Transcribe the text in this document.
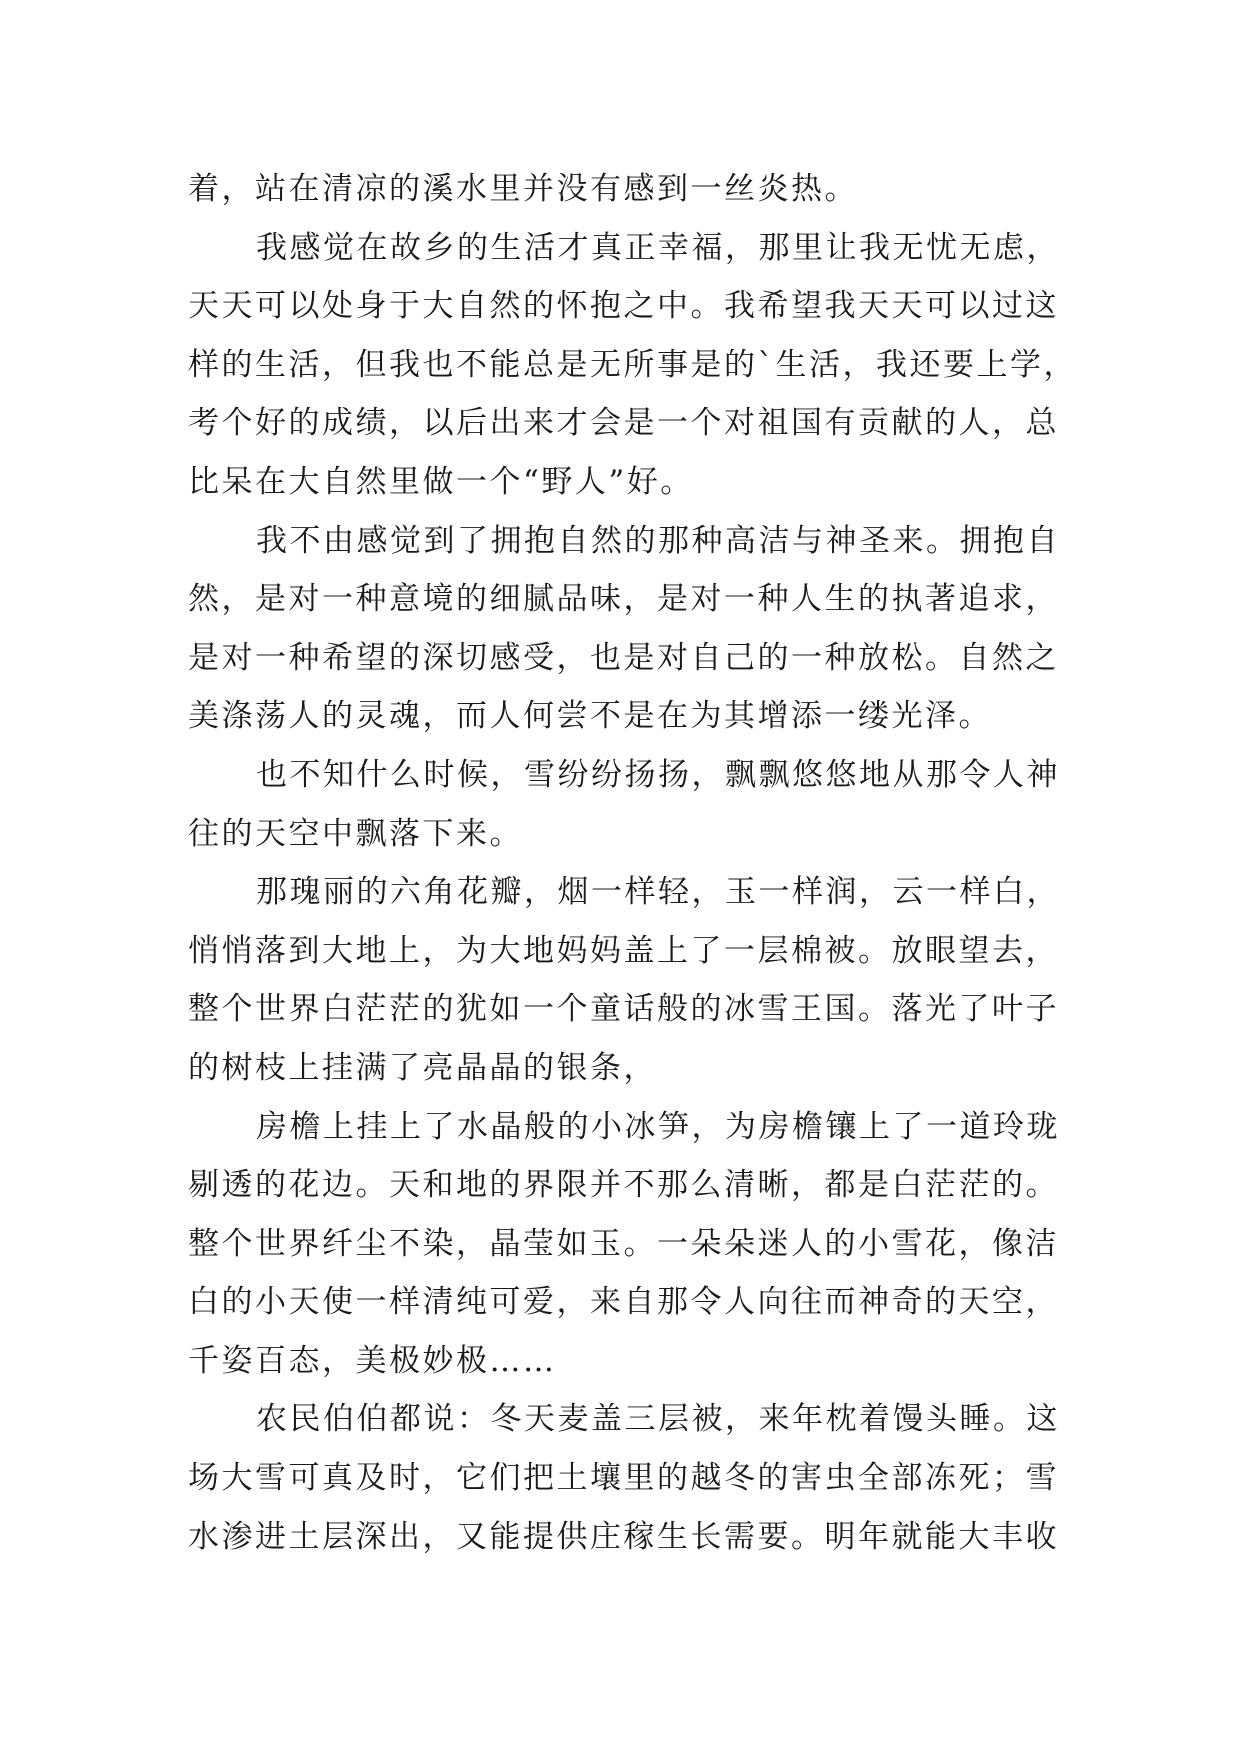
着，站在清凉的溪水里并没有感到一丝炎热。
我感觉在故乡的生活才真正幸福，那里让我无忧无虑，
天天可以处身于大自然的怀抱之中。我希望我天天可以过这
样的生活，但我也不能总是无所事是的`生活，我还要上学，
考个好的成绩，以后出来才会是一个对祖国有贡献的人，总
比呆在大自然里做一个“野人”好。
我不由感觉到了拥抱自然的那种高洁与神圣来。拥抱自
然，是对一种意境的细腻品味，是对一种人生的执著追求，
是对一种希望的深切感受，也是对自己的一种放松。自然之
美涤荡人的灵魂，而人何尝不是在为其增添一缕光泽。
也不知什么时候，雪纷纷扬扬，飘飘悠悠地从那令人神
往的天空中飘落下来。
那瑰丽的六角花瓣，烟一样轻，玉一样润，云一样白，
悄悄落到大地上，为大地妈妈盖上了一层棉被。放眼望去，
整个世界白茫茫的犹如一个童话般的冰雪王国。落光了叶子
的树枝上挂满了亮晶晶的银条，
房檐上挂上了水晶般的小冰笋，为房檐镶上了一道玲珑
剔透的花边。天和地的界限并不那么清晰，都是白茫茫的。
整个世界纤尘不染，晶莹如玉。一朵朵迷人的小雪花，像洁
白的小天使一样清纯可爱，来自那令人向往而神奇的天空，
千姿百态，美极妙极……
农民伯伯都说：冬天麦盖三层被，来年枕着馒头睡。这
场大雪可真及时，它们把土壤里的越冬的害虫全部冻死；雪
水渗进土层深出，又能提供庄稼生长需要。明年就能大丰收
